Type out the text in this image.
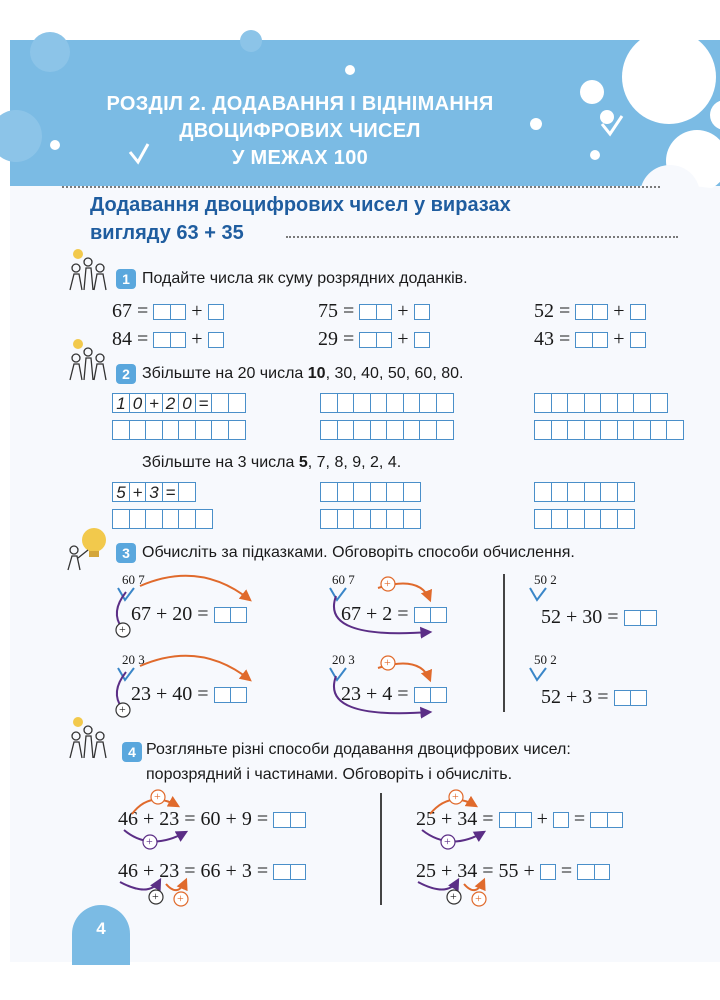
РОЗДІЛ 2. ДОДАВАННЯ І ВІДНІМАННЯ
ДВОЦИФРОВИХ ЧИСЕЛ
У МЕЖАХ 100
Додавання двоцифрових чисел у виразах
вигляду 63 + 35
1 Подайте числа як суму розрядних доданків.
67 = +	75 = +	52 = +
84 = +	29 = +	43 = +
2 Збільште на 20 числа 10, 30, 40, 50, 60, 80.
1 0 + 2 0 =
Збільште на 3 числа 5, 7, 8, 9, 2, 4.
5 + 3 =
3 Обчисліть за підказками. Обговоріть способи обчислення.
60 7
67 + 20 =
60 7
67 + 2 =
50 2
52 + 30 =
20 3
23 + 40 =
20 3
23 + 4 =
50 2
52 + 3 =
4 Розгляньте різні способи додавання двоцифрових чисел:
порозрядний і частинами. Обговоріть і обчисліть.
46 + 23 = 60 + 9 =
46 + 23 = 66 + 3 =
25 + 34 = + =
25 + 34 = 55 + =
+
+
+
+
+
+
+ +
+
+
+ +
4
